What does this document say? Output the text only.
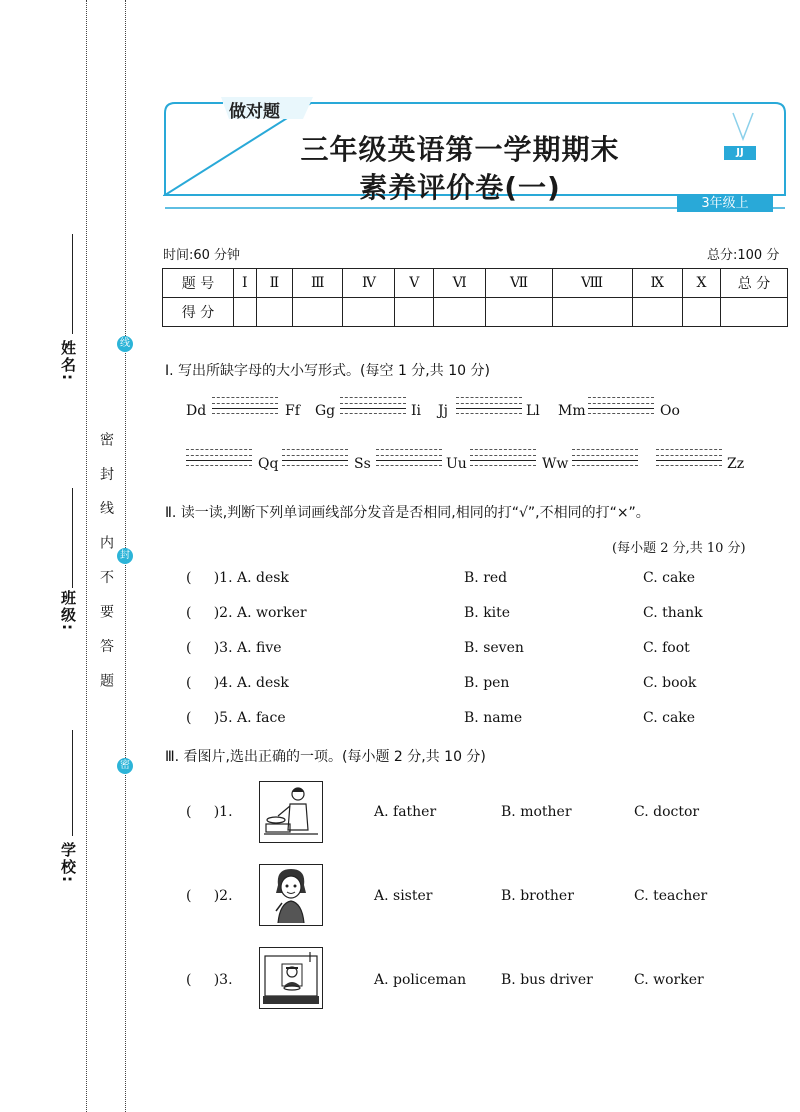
姓名:
班级:
学校:
密 封 线 内 不 要 答 题
线
封
密
做对题
JJ
三年级英语第一学期期末
素养评价卷(一)	3年级上
时间:60 分钟	总分:100 分
题 号	Ⅰ	Ⅱ	Ⅲ	Ⅳ	Ⅴ	Ⅵ	Ⅶ	Ⅷ	Ⅸ	Ⅹ	总 分
得 分											
Ⅰ. 写出所缺字母的大小写形式。(每空 1 分,共 10 分)
Dd	Ff Gg	Ii Jj	Ll Mm	Oo
Qq	Ss	Uu	Ww	Zz
Ⅱ. 读一读,判断下列单词画线部分发音是否相同,相同的打“√”,不相同的打“×”。
(每小题 2 分,共 10 分)
(     )1. A. desk	B. red	C. cake
(     )2. A. worker	B. kite	C. thank
(     )3. A. five	B. seven	C. foot
(     )4. A. desk	B. pen	C. book
(     )5. A. face	B. name	C. cake
Ⅲ. 看图片,选出正确的一项。(每小题 2 分,共 10 分)
(     )1.	A. father	B. mother	C. doctor
(     )2.	A. sister	B. brother	C. teacher
(     )3.	A. policeman B. bus driver	C. worker
